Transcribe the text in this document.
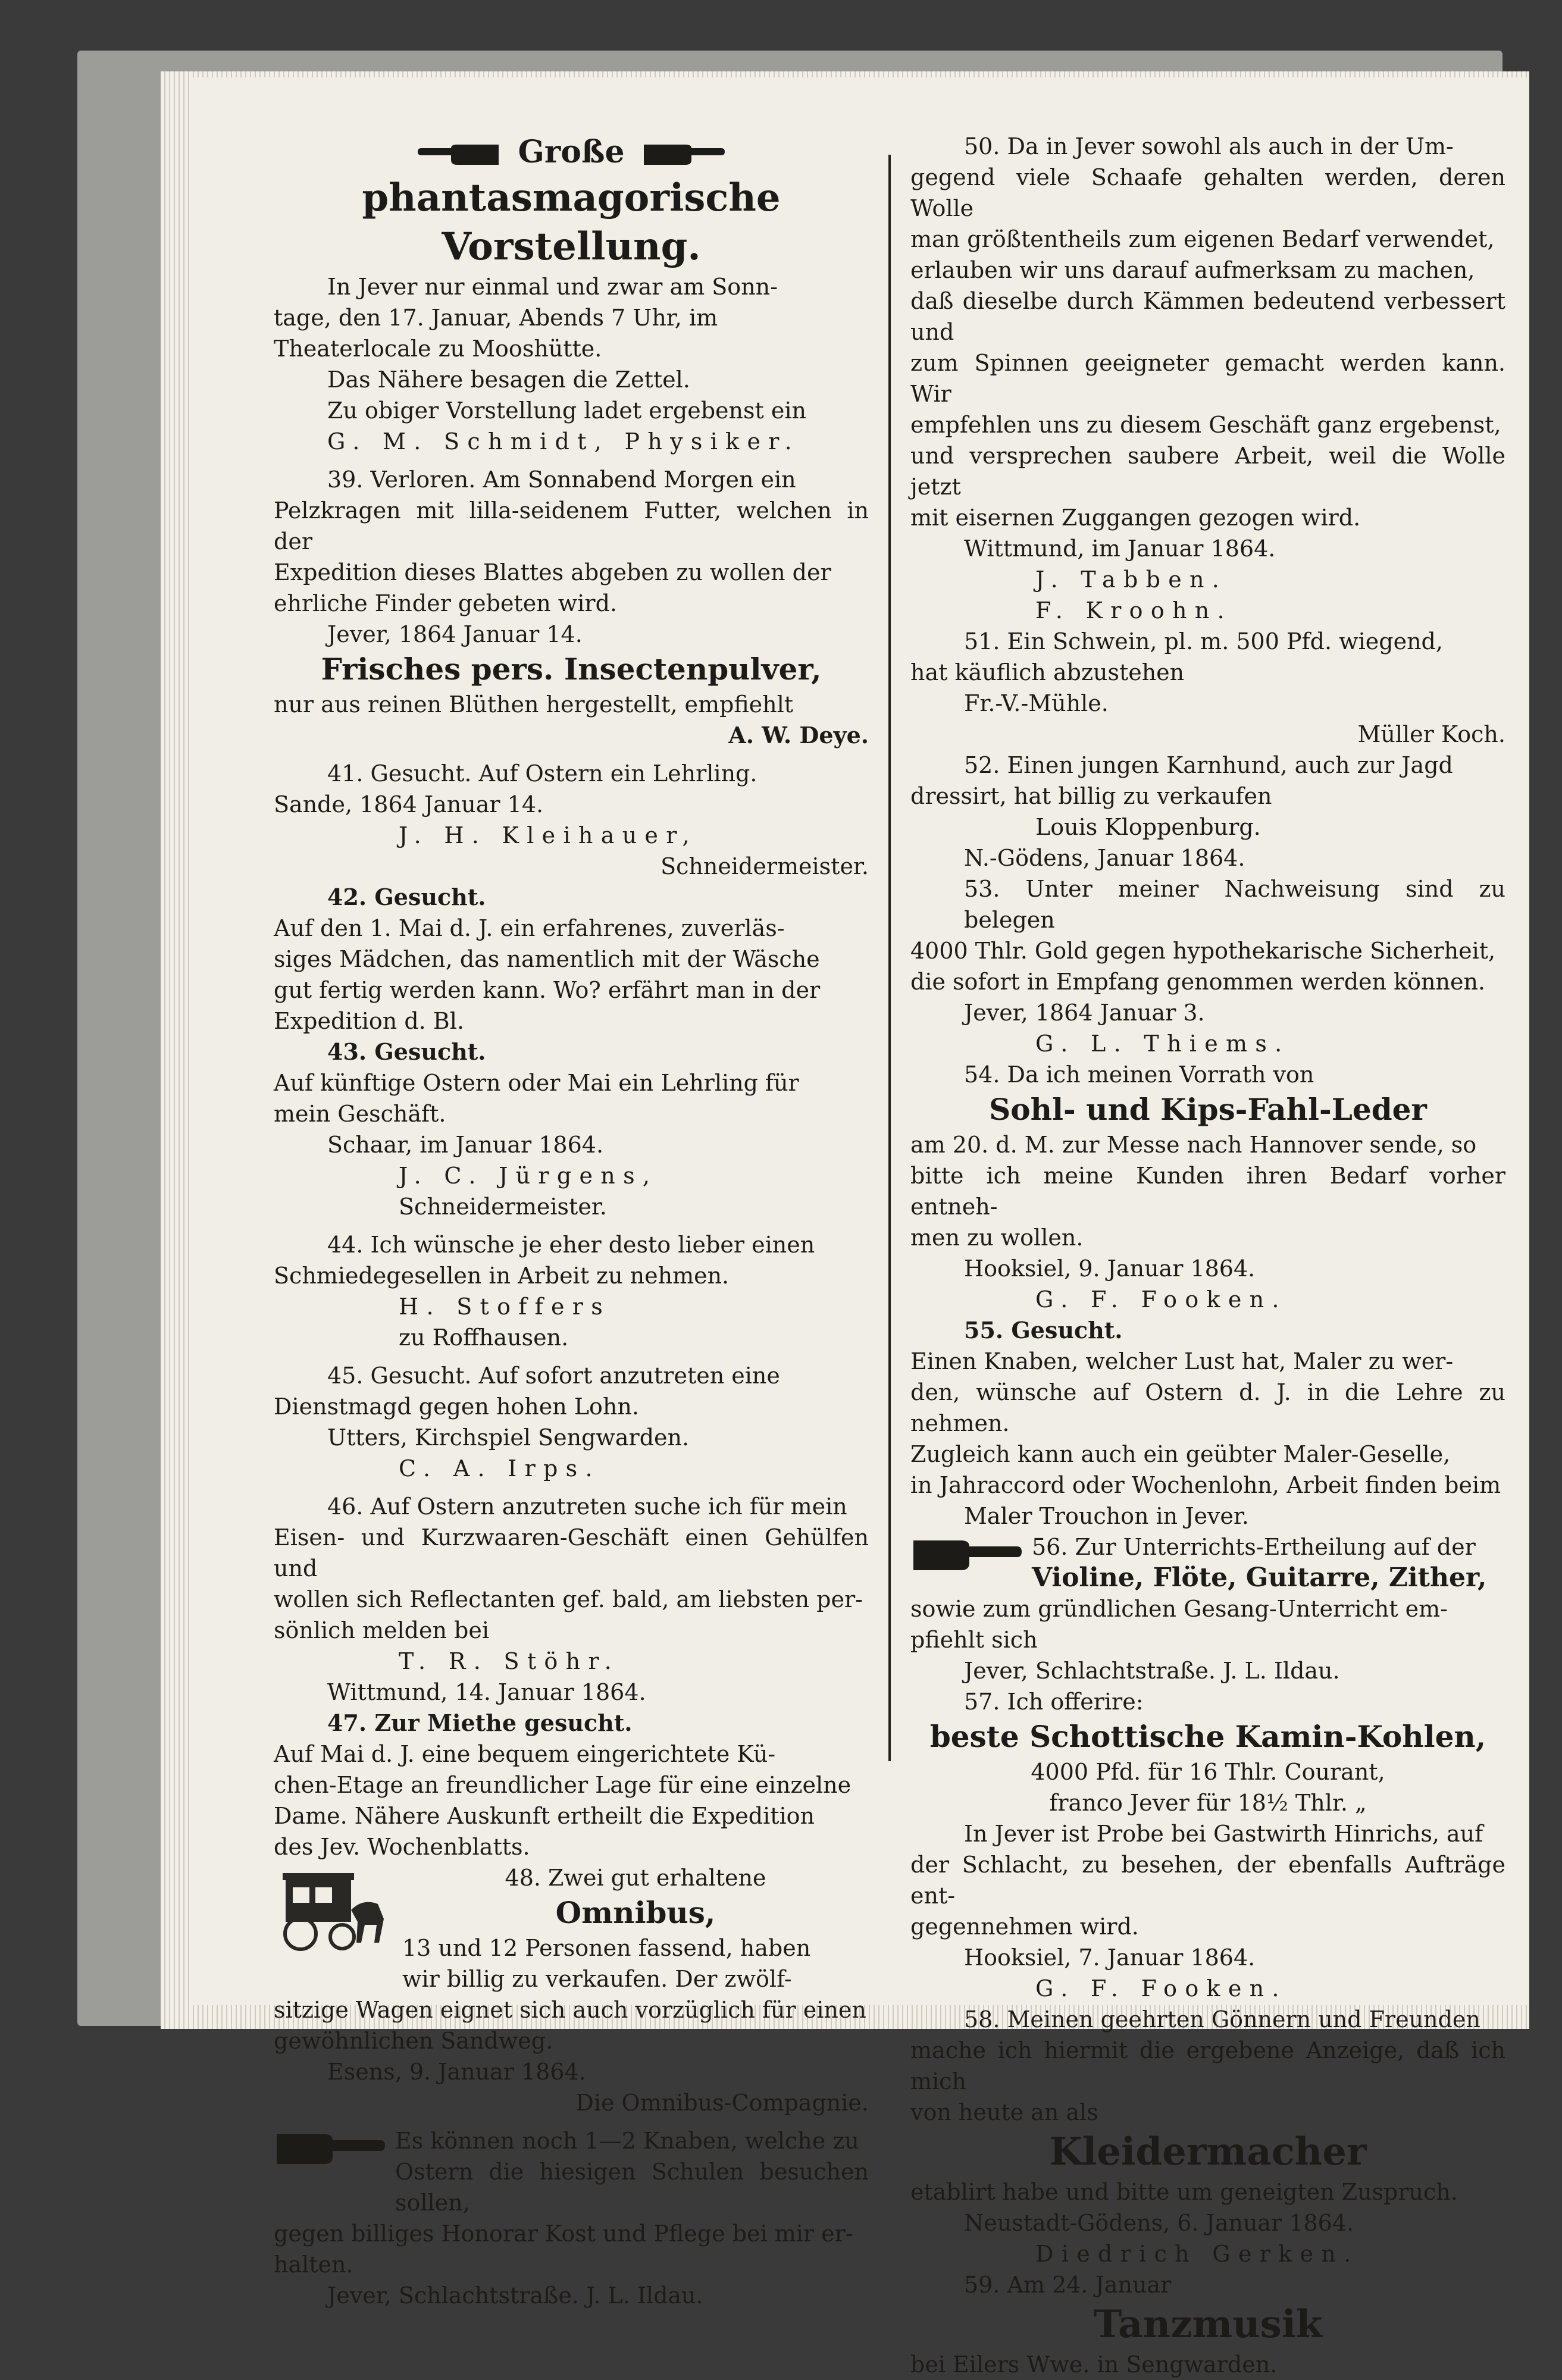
Große

phantasmagorische Vorstellung.

In Jever nur einmal und zwar am Sonn-

tage, den 17. Januar, Abends 7 Uhr, im

Theaterlocale zu Mooshütte.

Das Nähere besagen die Zettel.

Zu obiger Vorstellung ladet ergebenst ein

G. M. Schmidt, Physiker.

39. Verloren. Am Sonnabend Morgen ein

Pelzkragen mit lilla-seidenem Futter, welchen in der

Expedition dieses Blattes abgeben zu wollen der

ehrliche Finder gebeten wird.

Jever, 1864 Januar 14.

Frisches pers. Insectenpulver,

nur aus reinen Blüthen hergestellt, empfiehlt

A. W. Deye.

41. Gesucht. Auf Ostern ein Lehrling.

Sande, 1864 Januar 14.

J. H. Kleihauer,

Schneidermeister.

42. Gesucht.

Auf den 1. Mai d. J. ein erfahrenes, zuverläs-

siges Mädchen, das namentlich mit der Wäsche

gut fertig werden kann. Wo? erfährt man in der

Expedition d. Bl.

43. Gesucht.

Auf künftige Ostern oder Mai ein Lehrling für

mein Geschäft.

Schaar, im Januar 1864.

J. C. Jürgens,

Schneidermeister.

44. Ich wünsche je eher desto lieber einen

Schmiedegesellen in Arbeit zu nehmen.

H. Stoffers

zu Roffhausen.

45. Gesucht. Auf sofort anzutreten eine

Dienstmagd gegen hohen Lohn.

Utters, Kirchspiel Sengwarden.

C. A. Irps.

46. Auf Ostern anzutreten suche ich für mein

Eisen- und Kurzwaaren-Geschäft einen Gehülfen und

wollen sich Reflectanten gef. bald, am liebsten per-

sönlich melden bei

T. R. Stöhr.

Wittmund, 14. Januar 1864.

47. Zur Miethe gesucht.

Auf Mai d. J. eine bequem eingerichtete Kü-

chen-Etage an freundlicher Lage für eine einzelne

Dame. Nähere Auskunft ertheilt die Expedition

des Jev. Wochenblatts.

48. Zwei gut erhaltene

Omnibus,

13 und 12 Personen fassend, haben

wir billig zu verkaufen. Der zwölf-

sitzige Wagen eignet sich auch vorzüglich für einen

gewöhnlichen Sandweg.

Esens, 9. Januar 1864.

Die Omnibus-Compagnie.

Es können noch 1—2 Knaben, welche zu

Ostern die hiesigen Schulen besuchen sollen,

gegen billiges Honorar Kost und Pflege bei mir er-

halten.

Jever, Schlachtstraße. J. L. Ildau.

50. Da in Jever sowohl als auch in der Um-

gegend viele Schaafe gehalten werden, deren Wolle

man größtentheils zum eigenen Bedarf verwendet,

erlauben wir uns darauf aufmerksam zu machen,

daß dieselbe durch Kämmen bedeutend verbessert und

zum Spinnen geeigneter gemacht werden kann. Wir

empfehlen uns zu diesem Geschäft ganz ergebenst,

und versprechen saubere Arbeit, weil die Wolle jetzt

mit eisernen Zuggangen gezogen wird.

Wittmund, im Januar 1864.

J. Tabben.

F. Kroohn.

51. Ein Schwein, pl. m. 500 Pfd. wiegend,

hat käuflich abzustehen

Fr.-V.-Mühle.

Müller Koch.

52. Einen jungen Karnhund, auch zur Jagd

dressirt, hat billig zu verkaufen

Louis Kloppenburg.

N.-Gödens, Januar 1864.

53. Unter meiner Nachweisung sind zu belegen

4000 Thlr. Gold gegen hypothekarische Sicherheit,

die sofort in Empfang genommen werden können.

Jever, 1864 Januar 3.

G. L. Thiems.

54. Da ich meinen Vorrath von

Sohl- und Kips-Fahl-Leder

am 20. d. M. zur Messe nach Hannover sende, so

bitte ich meine Kunden ihren Bedarf vorher entneh-

men zu wollen.

Hooksiel, 9. Januar 1864.

G. F. Fooken.

55. Gesucht.

Einen Knaben, welcher Lust hat, Maler zu wer-

den, wünsche auf Ostern d. J. in die Lehre zu nehmen.

Zugleich kann auch ein geübter Maler-Geselle,

in Jahraccord oder Wochenlohn, Arbeit finden beim

Maler Trouchon in Jever.

56. Zur Unterrichts-Ertheilung auf der

Violine, Flöte, Guitarre, Zither,

sowie zum gründlichen Gesang-Unterricht em-

pfiehlt sich

Jever, Schlachtstraße. J. L. Ildau.

57. Ich offerire:

beste Schottische Kamin-Kohlen,

4000 Pfd. für 16 Thlr. Courant,

franco Jever für 18½ Thlr. „

In Jever ist Probe bei Gastwirth Hinrichs, auf

der Schlacht, zu besehen, der ebenfalls Aufträge ent-

gegennehmen wird.

Hooksiel, 7. Januar 1864.

G. F. Fooken.

58. Meinen geehrten Gönnern und Freunden

mache ich hiermit die ergebene Anzeige, daß ich mich

von heute an als

Kleidermacher

etablirt habe und bitte um geneigten Zuspruch.

Neustadt-Gödens, 6. Januar 1864.

Diedrich Gerken.

59. Am 24. Januar

Tanzmusik

bei Eilers Wwe. in Sengwarden.
